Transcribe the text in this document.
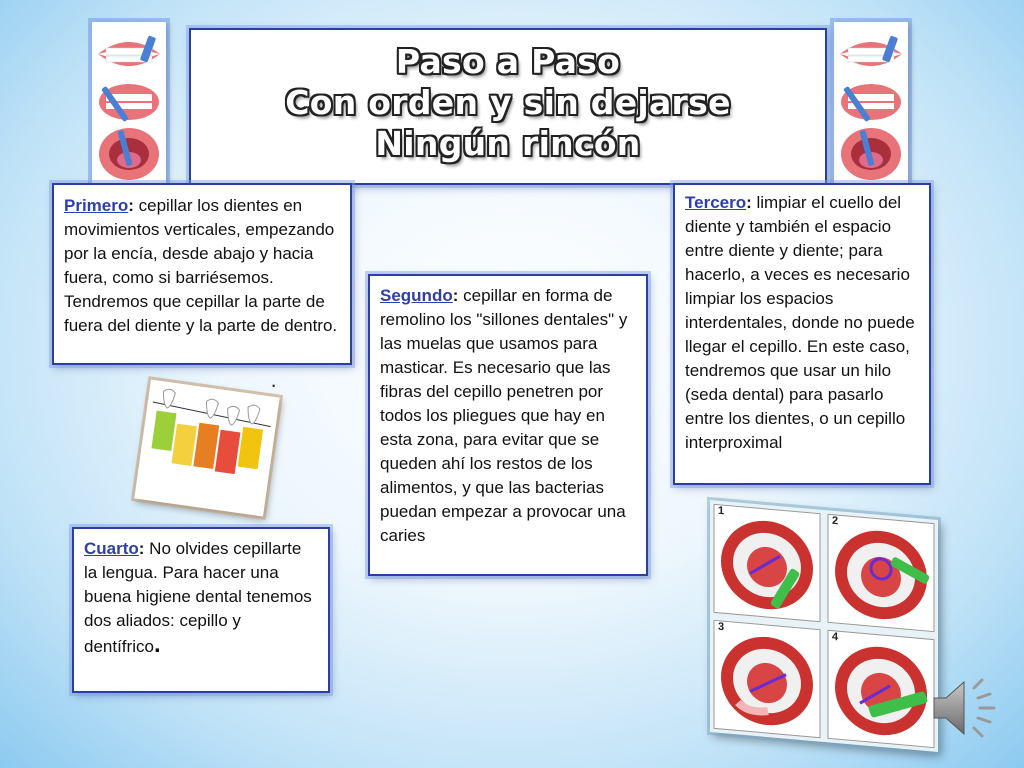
Paso a Paso
Con orden y sin dejarse
Ningún rincón
Primero: cepillar los dientes en movimientos verticales, empezando por la encía, desde abajo y hacia fuera, como si barriésemos. Tendremos que cepillar la parte de fuera del diente y la parte de dentro.
Tercero: limpiar el cuello del diente y también el espacio entre diente y diente; para hacerlo, a veces es necesario limpiar los espacios interdentales, donde no puede llegar el cepillo. En este caso, tendremos que usar un hilo (seda dental) para pasarlo entre los dientes, o un cepillo interproximal
Segundo: cepillar en forma de remolino los "sillones dentales" y las muelas que usamos para masticar. Es necesario que las fibras del cepillo penetren por todos los pliegues que hay en esta zona, para evitar que se queden ahí los restos de los alimentos, y que las bacterias puedan empezar a provocar una caries
Cuarto: No olvides cepillarte la lengua. Para hacer una buena higiene dental tenemos dos aliados: cepillo y dentífrico.
·
1
2
3
4
